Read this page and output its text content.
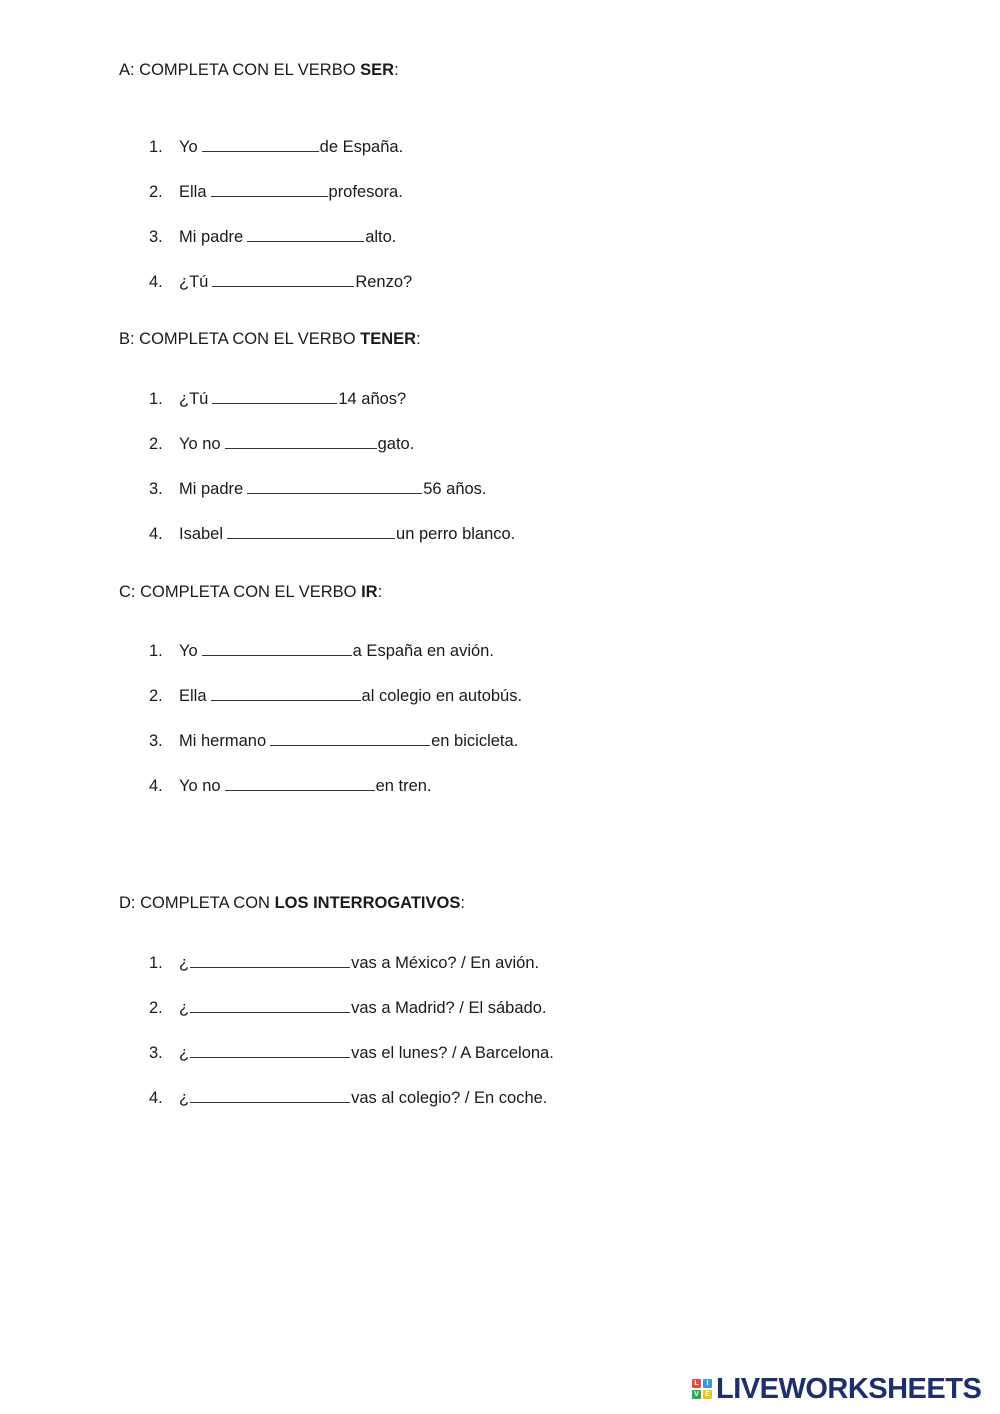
A: COMPLETA CON EL VERBO SER:
1. Yo	de España.
2. Ella	profesora.
3. Mi padre	alto.
4. ¿Tú	Renzo?
B: COMPLETA CON EL VERBO TENER:
1. ¿Tú	14 años?
2. Yo no	gato.
3. Mi padre	56 años.
4. Isabel	un perro blanco.
C: COMPLETA CON EL VERBO IR:
1. Yo	a España en avión.
2. Ella	al colegio en autobús.
3. Mi hermano	en bicicleta.
4. Yo no	en tren.
D: COMPLETA CON LOS INTERROGATIVOS:
1. ¿	vas a México? / En avión.
2. ¿	vas a Madrid? / El sábado.
3. ¿	vas el lunes? / A Barcelona.
4. ¿	vas al colegio? / En coche.
L	I
V E LIVEWORKSHEETS
